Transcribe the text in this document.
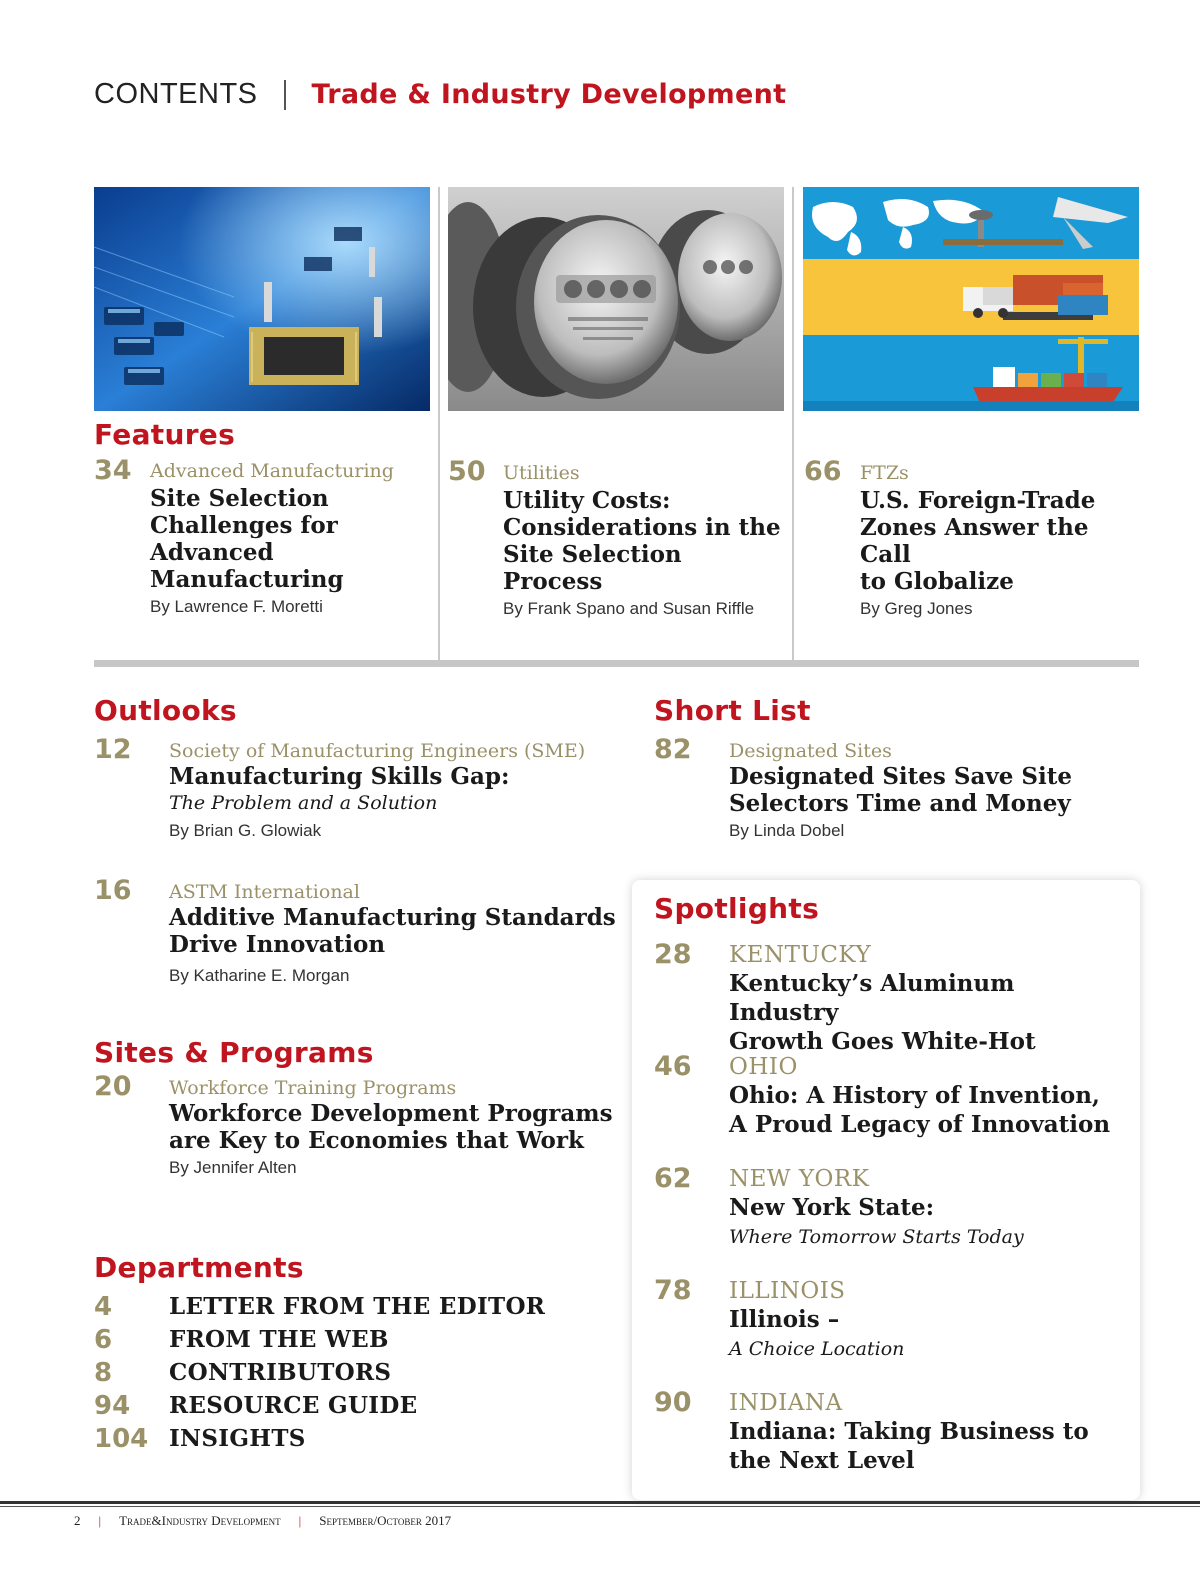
CONTENTS Trade & Industry Development
Features
34 Advanced Manufacturing
Site Selection
Challenges for
Advanced
Manufacturing
By Lawrence F. Moretti
50 Utilities
Utility Costs:
Considerations in the
Site Selection Process
By Frank Spano and Susan Riffle
66 FTZs
U.S. Foreign-Trade
Zones Answer the Call
to Globalize
By Greg Jones
Outlooks
12 Society of Manufacturing Engineers (SME)
Manufacturing Skills Gap:
The Problem and a Solution
By Brian G. Glowiak
16 ASTM International
Additive Manufacturing Standards
Drive Innovation
By Katharine E. Morgan
Sites & Programs
20 Workforce Training Programs
Workforce Development Programs
are Key to Economies that Work
By Jennifer Alten
Departments
4	LETTER FROM THE EDITOR
6	FROM THE WEB
8	CONTRIBUTORS
94	RESOURCE GUIDE
104 INSIGHTS
Short List
82 Designated Sites
Designated Sites Save Site
Selectors Time and Money
By Linda Dobel
Spotlights
28 KENTUCKY
Kentucky’s Aluminum Industry
Growth Goes White-Hot
46 OHIO
Ohio: A History of Invention,
A Proud Legacy of Innovation
62 NEW YORK
New York State:
Where Tomorrow Starts Today
78 ILLINOIS
Illinois –
A Choice Location
90 INDIANA
Indiana: Taking Business to
the Next Level
2 | Trade&Industry Development | September/October 2017
